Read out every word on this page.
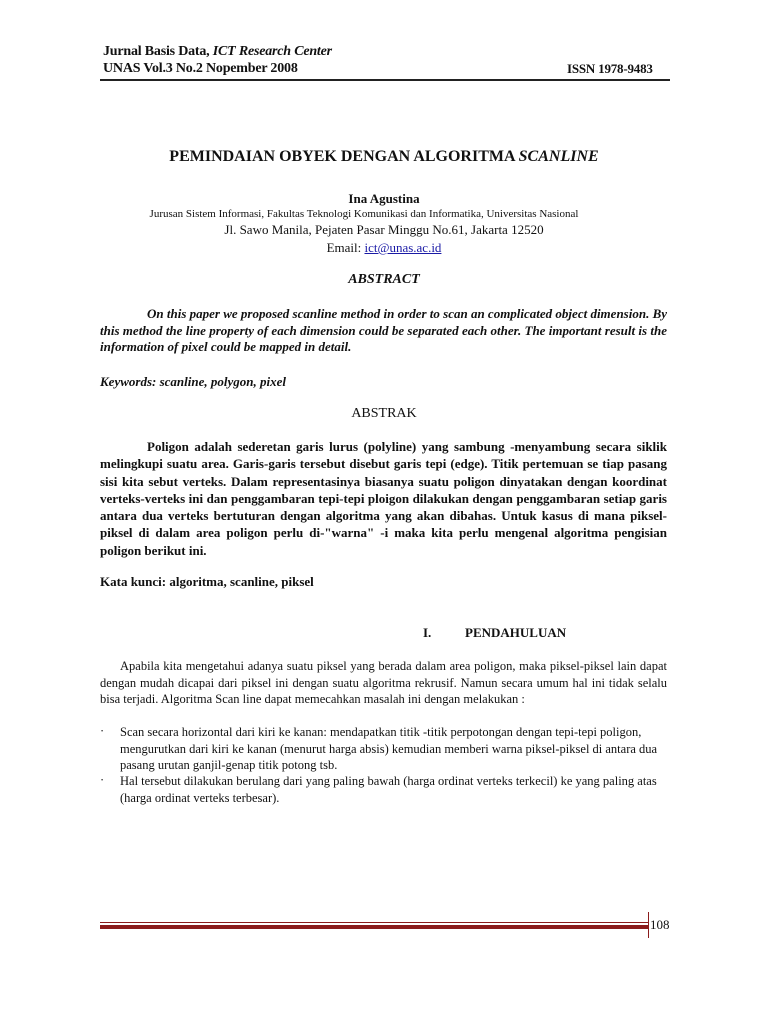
Jurnal Basis Data, ICT Research Center
UNAS Vol.3 No.2 Nopember 2008	ISSN 1978-9483
PEMINDAIAN OBYEK DENGAN ALGORITMA SCANLINE
Ina Agustina
Jurusan Sistem Informasi, Fakultas Teknologi Komunikasi dan Informatika, Universitas Nasional
Jl. Sawo Manila, Pejaten Pasar Minggu No.61, Jakarta 12520
Email: ict@unas.ac.id
ABSTRACT
On this paper we proposed scanline method in order to scan an complicated object dimension. By this method the line property of each dimension could be separated each other. The important result is the information of pixel could be mapped in detail.
Keywords: scanline, polygon, pixel
ABSTRAK
Poligon adalah sederetan garis lurus (polyline) yang sambung -menyambung secara siklik melingkupi suatu area. Garis-garis tersebut disebut garis tepi (edge). Titik pertemuan se tiap pasang sisi kita sebut verteks. Dalam representasinya biasanya suatu poligon dinyatakan dengan koordinat verteks-verteks ini dan penggambaran tepi-tepi ploigon dilakukan dengan penggambaran setiap garis antara dua verteks bertuturan dengan algoritma yang akan dibahas. Untuk kasus di mana piksel-piksel di dalam area poligon perlu di-"warna" -i maka kita perlu mengenal algoritma pengisian poligon berikut ini.
Kata kunci: algoritma, scanline, piksel
I.	PENDAHULUAN
Apabila kita mengetahui adanya suatu piksel yang berada dalam area poligon, maka piksel-piksel lain dapat dengan mudah dicapai dari piksel ini dengan suatu algoritma rekrusif. Namun secara umum hal ini tidak selalu bisa terjadi. Algoritma Scan line dapat memecahkan masalah ini dengan melakukan :
· Scan secara horizontal dari kiri ke kanan: mendapatkan titik -titik perpotongan dengan tepi-tepi poligon, mengurutkan dari kiri ke kanan (menurut harga absis) kemudian memberi warna piksel-piksel di antara dua pasang urutan ganjil-genap titik potong tsb.
· Hal tersebut dilakukan berulang dari yang paling bawah (harga ordinat verteks terkecil) ke yang paling atas (harga ordinat verteks terbesar).
108
